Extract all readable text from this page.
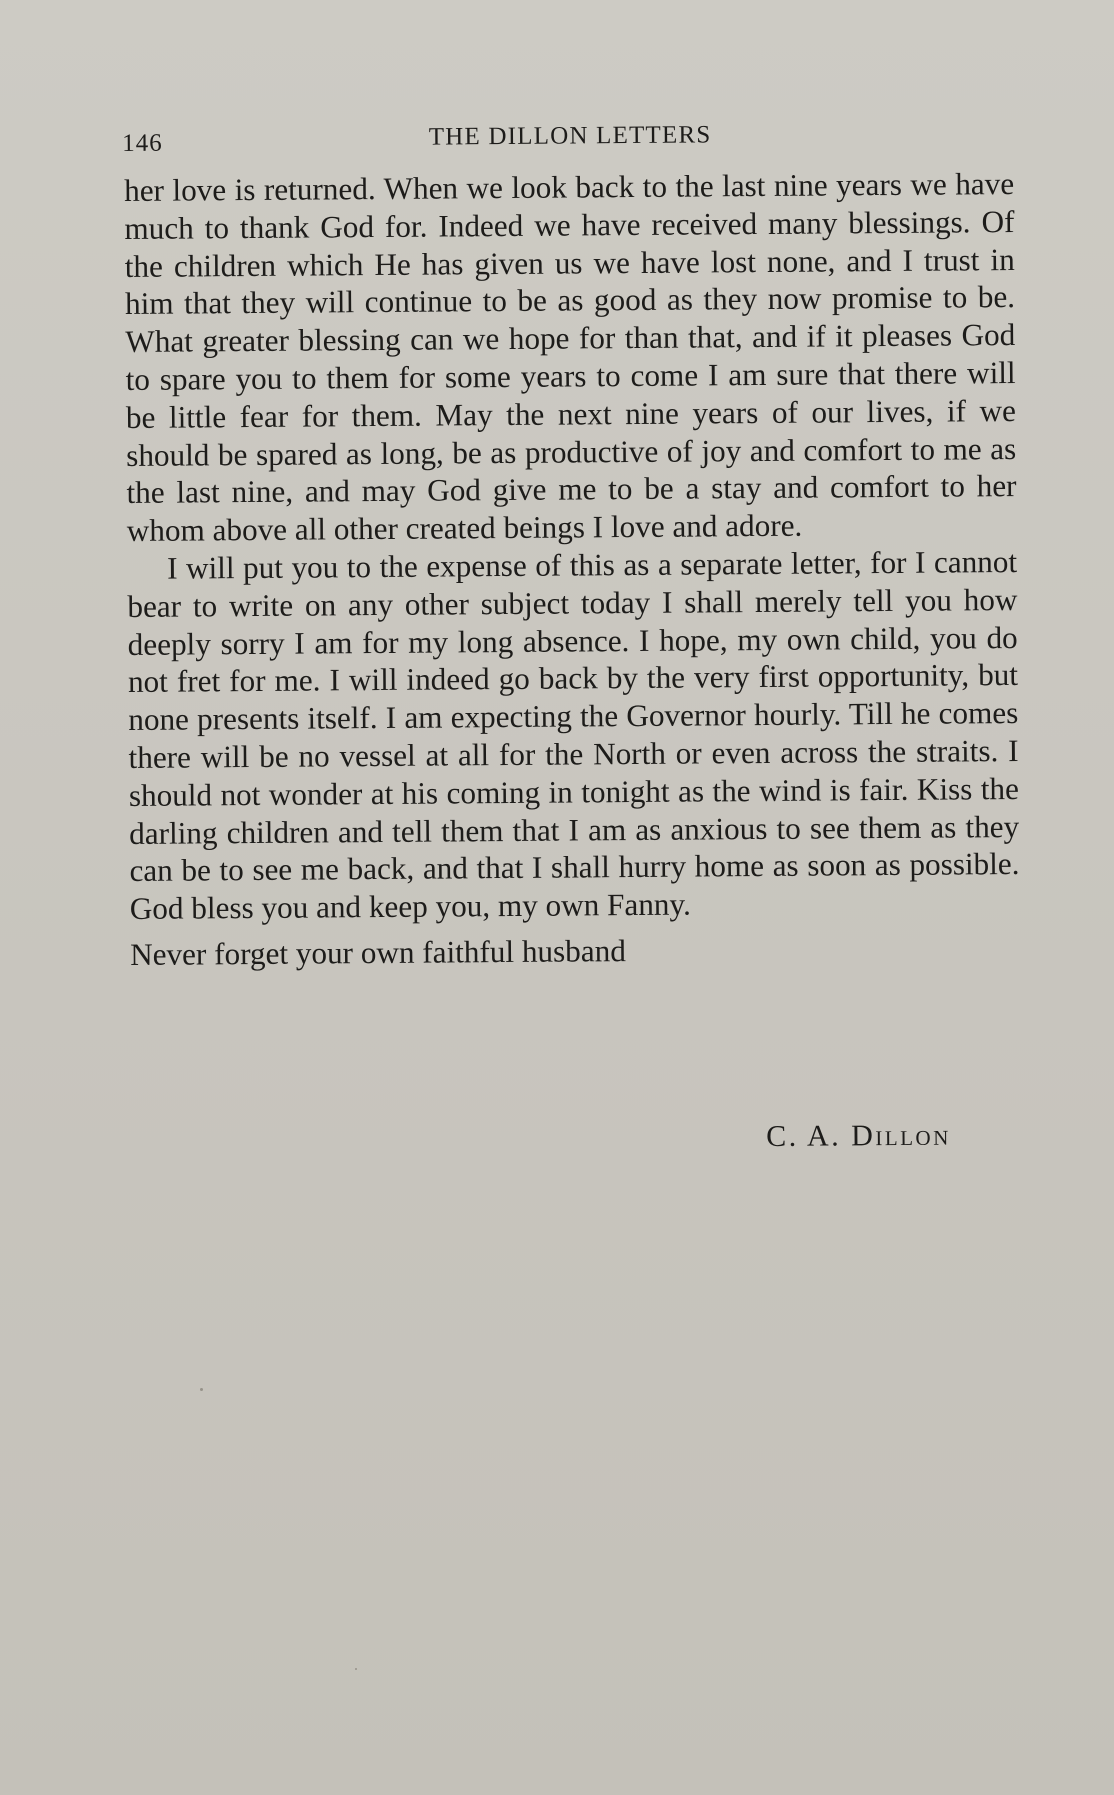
146	THE DILLON LETTERS

her love is returned. When we look back to the last nine years we have much to thank God for. Indeed we have received many blessings. Of the children which He has given us we have lost none, and I trust in him that they will continue to be as good as they now promise to be. What greater blessing can we hope for than that, and if it pleases God to spare you to them for some years to come I am sure that there will be little fear for them. May the next nine years of our lives, if we should be spared as long, be as productive of joy and comfort to me as the last nine, and may God give me to be a stay and comfort to her whom above all other created beings I love and adore.

I will put you to the expense of this as a separate letter, for I cannot bear to write on any other subject today I shall merely tell you how deeply sorry I am for my long absence. I hope, my own child, you do not fret for me. I will indeed go back by the very first opportunity, but none presents itself. I am expecting the Governor hourly. Till he comes there will be no vessel at all for the North or even across the straits. I should not wonder at his coming in tonight as the wind is fair. Kiss the darling children and tell them that I am as anxious to see them as they can be to see me back, and that I shall hurry home as soon as possible. God bless you and keep you, my own Fanny.

Never forget your own faithful husband

C. A. Dillon
